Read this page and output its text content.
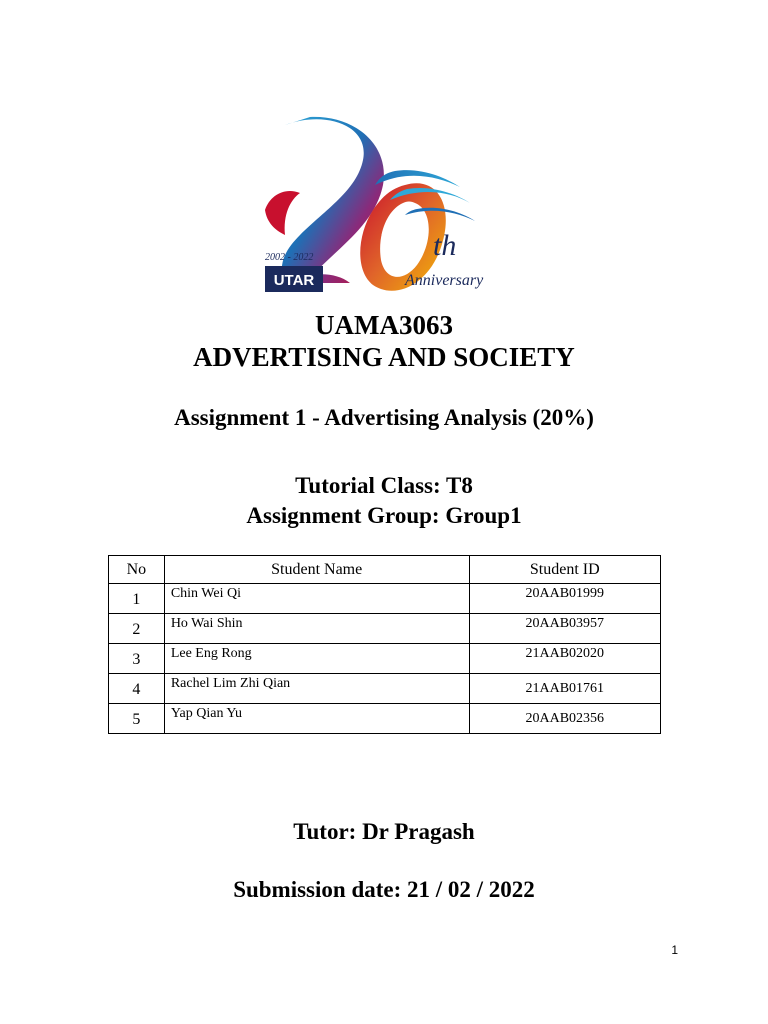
2002 - 2022
UTAR
th
Anniversary
UAMA3063
ADVERTISING AND SOCIETY
Assignment 1 - Advertising Analysis (20%)
Tutorial Class: T8
Assignment Group: Group1
No	Student Name	Student ID
1	Chin Wei Qi	20AAB01999
2	Ho Wai Shin	20AAB03957
3	Lee Eng Rong	21AAB02020
4	Rachel Lim Zhi Qian	21AAB01761
5	Yap Qian Yu	20AAB02356
Tutor: Dr Pragash
Submission date: 21 / 02 / 2022
1
